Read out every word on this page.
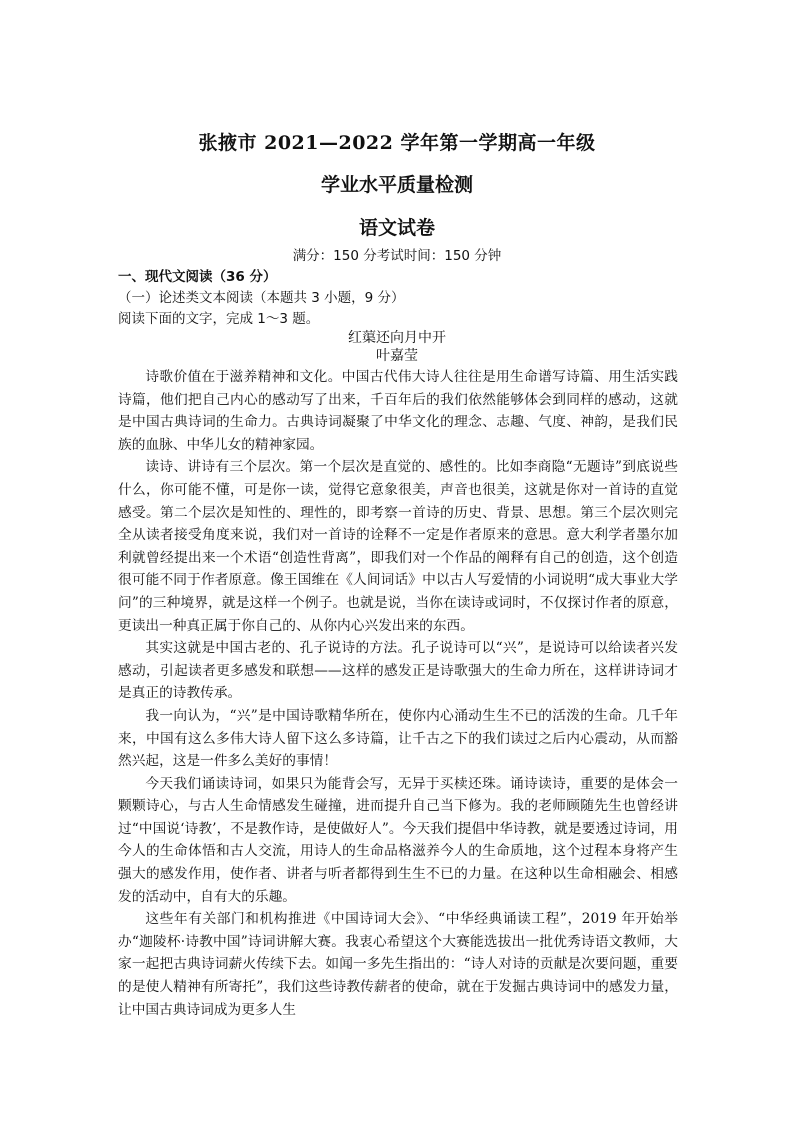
张掖市 2021—2022 学年第一学期高一年级
学业水平质量检测
语文试卷
满分：150 分考试时间：150 分钟
一、现代文阅读（36 分）
（一）论述类文本阅读（本题共 3 小题，9 分）
阅读下面的文字，完成 1～3 题。
红蕖还向月中开
叶嘉莹

诗歌价值在于滋养精神和文化。中国古代伟大诗人往往是用生命谱写诗篇、用生活实践诗篇，他们把自己内心的感动写了出来，千百年后的我们依然能够体会到同样的感动，这就是中国古典诗词的生命力。古典诗词凝聚了中华文化的理念、志趣、气度、神韵，是我们民族的血脉、中华儿女的精神家园。

读诗、讲诗有三个层次。第一个层次是直觉的、感性的。比如李商隐“无题诗”到底说些什么，你可能不懂，可是你一读，觉得它意象很美，声音也很美，这就是你对一首诗的直觉感受。第二个层次是知性的、理性的，即考察一首诗的历史、背景、思想。第三个层次则完全从读者接受角度来说，我们对一首诗的诠释不一定是作者原来的意思。意大利学者墨尔加利就曾经提出来一个术语“创造性背离”，即我们对一个作品的阐释有自己的创造，这个创造很可能不同于作者原意。像王国维在《人间词话》中以古人写爱情的小词说明“成大事业大学问”的三种境界，就是这样一个例子。也就是说，当你在读诗或词时，不仅探讨作者的原意，更读出一种真正属于你自己的、从你内心兴发出来的东西。

其实这就是中国古老的、孔子说诗的方法。孔子说诗可以“兴”，是说诗可以给读者兴发感动，引起读者更多感发和联想——这样的感发正是诗歌强大的生命力所在，这样讲诗词才是真正的诗教传承。

我一向认为，“兴”是中国诗歌精华所在，使你内心涌动生生不已的活泼的生命。几千年来，中国有这么多伟大诗人留下这么多诗篇，让千古之下的我们读过之后内心震动，从而豁然兴起，这是一件多么美好的事情！

今天我们诵读诗词，如果只为能背会写，无异于买椟还珠。诵诗读诗，重要的是体会一颗颗诗心，与古人生命情感发生碰撞，进而提升自己当下修为。我的老师顾随先生也曾经讲过“中国说‘诗教’，不是教作诗，是使做好人”。今天我们提倡中华诗教，就是要透过诗词，用今人的生命体悟和古人交流，用诗人的生命品格滋养今人的生命质地，这个过程本身将产生强大的感发作用，使作者、讲者与听者都得到生生不已的力量。在这种以生命相融会、相感发的活动中，自有大的乐趣。

这些年有关部门和机构推进《中国诗词大会》、“中华经典诵读工程”，2019 年开始举办“迦陵杯·诗教中国”诗词讲解大赛。我衷心希望这个大赛能选拔出一批优秀诗语文教师，大家一起把古典诗词薪火传续下去。如闻一多先生指出的：“诗人对诗的贡献是次要问题，重要的是使人精神有所寄托”，我们这些诗教传薪者的使命，就在于发掘古典诗词中的感发力量，让中国古典诗词成为更多人生
